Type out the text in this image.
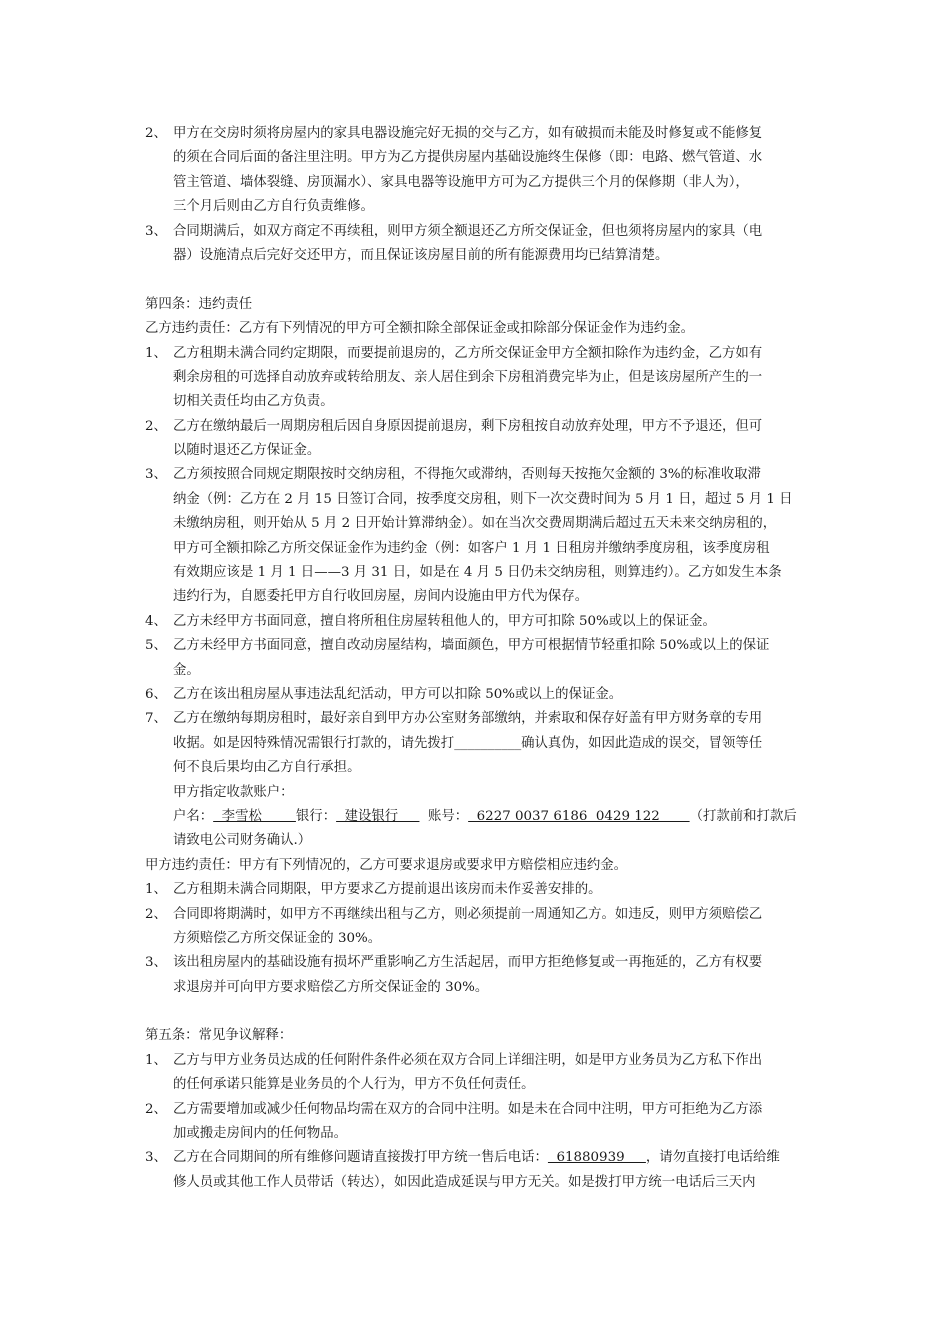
2、 甲方在交房时须将房屋内的家具电器设施完好无损的交与乙方，如有破损而未能及时修复或不能修复
的须在合同后面的备注里注明。甲方为乙方提供房屋内基础设施终生保修（即：电路、燃气管道、水
管主管道、墙体裂缝、房顶漏水）、家具电器等设施甲方可为乙方提供三个月的保修期（非人为），
三个月后则由乙方自行负责维修。
3、 合同期满后，如双方商定不再续租，则甲方须全额退还乙方所交保证金，但也须将房屋内的家具（电
器）设施清点后完好交还甲方，而且保证该房屋目前的所有能源费用均已结算清楚。
第四条：违约责任
乙方违约责任：乙方有下列情况的甲方可全额扣除全部保证金或扣除部分保证金作为违约金。
1、 乙方租期未满合同约定期限，而要提前退房的，乙方所交保证金甲方全额扣除作为违约金，乙方如有
剩余房租的可选择自动放弃或转给朋友、亲人居住到余下房租消费完毕为止，但是该房屋所产生的一
切相关责任均由乙方负责。
2、 乙方在缴纳最后一周期房租后因自身原因提前退房，剩下房租按自动放弃处理，甲方不予退还，但可
以随时退还乙方保证金。
3、 乙方须按照合同规定期限按时交纳房租，不得拖欠或滞纳，否则每天按拖欠金额的 3%的标准收取滞
纳金（例：乙方在 2 月 15 日签订合同，按季度交房租，则下一次交费时间为 5 月 1 日，超过 5 月 1 日
未缴纳房租，则开始从 5 月 2 日开始计算滞纳金）。如在当次交费周期满后超过五天未来交纳房租的，
甲方可全额扣除乙方所交保证金作为违约金（例：如客户 1 月 1 日租房并缴纳季度房租，该季度房租
有效期应该是 1 月 1 日——3 月 31 日，如是在 4 月 5 日仍未交纳房租，则算违约）。乙方如发生本条
违约行为，自愿委托甲方自行收回房屋，房间内设施由甲方代为保存。
4、 乙方未经甲方书面同意，擅自将所租住房屋转租他人的，甲方可扣除 50%或以上的保证金。
5、 乙方未经甲方书面同意，擅自改动房屋结构，墙面颜色，甲方可根据情节轻重扣除 50%或以上的保证
金。
6、 乙方在该出租房屋从事违法乱纪活动，甲方可以扣除 50%或以上的保证金。
7、 乙方在缴纳每期房租时，最好亲自到甲方办公室财务部缴纳，并索取和保存好盖有甲方财务章的专用
收据。如是因特殊情况需银行打款的，请先拨打__________确认真伪，如因此造成的误交，冒领等任
何不良后果均由乙方自行承担。
甲方指定收款账户：
户名：  李雪松        银行：  建设银行       账号：  6227 0037 6186  0429 122       （打款前和打款后
请致电公司财务确认.）
甲方违约责任：甲方有下列情况的，乙方可要求退房或要求甲方赔偿相应违约金。
1、 乙方租期未满合同期限，甲方要求乙方提前退出该房而未作妥善安排的。
2、 合同即将期满时，如甲方不再继续出租与乙方，则必须提前一周通知乙方。如违反，则甲方须赔偿乙
方须赔偿乙方所交保证金的 30%。
3、 该出租房屋内的基础设施有损坏严重影响乙方生活起居，而甲方拒绝修复或一再拖延的，乙方有权要
求退房并可向甲方要求赔偿乙方所交保证金的 30%。
第五条：常见争议解释：
1、 乙方与甲方业务员达成的任何附件条件必须在双方合同上详细注明，如是甲方业务员为乙方私下作出
的任何承诺只能算是业务员的个人行为，甲方不负任何责任。
2、 乙方需要增加或减少任何物品均需在双方的合同中注明。如是未在合同中注明，甲方可拒绝为乙方添
加或搬走房间内的任何物品。
3、 乙方在合同期间的所有维修问题请直接拨打甲方统一售后电话：  61880939     ，请勿直接打电话给维
修人员或其他工作人员带话（转达），如因此造成延误与甲方无关。如是拨打甲方统一电话后三天内
